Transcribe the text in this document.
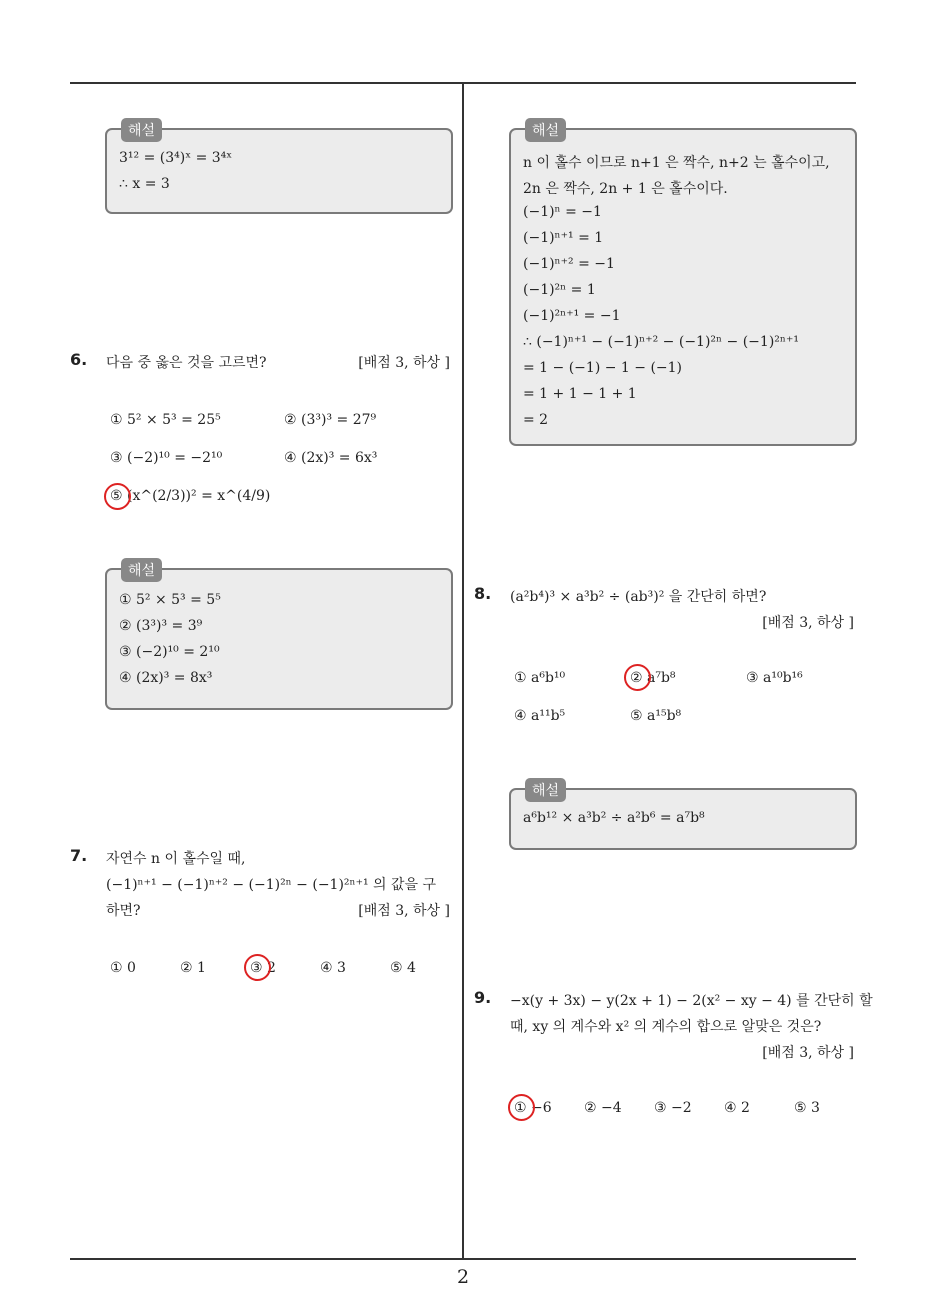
해설
3¹² = (3⁴)ˣ = 3⁴ˣ
∴ x = 3
6. 다음 중 옳은 것을 고르면?	[배점 3, 하상 ]
① 5² × 5³ = 25⁵	② (3³)³ = 27⁹
③ (−2)¹⁰ = −2¹⁰	④ (2x)³ = 6x³
⑤ (x^(2/3))² = x^(4/9)
해설
① 5² × 5³ = 5⁵
② (3³)³ = 3⁹
③ (−2)¹⁰ = 2¹⁰
④ (2x)³ = 8x³
7. 자연수 n 이 홀수일 때,
(−1)ⁿ⁺¹ − (−1)ⁿ⁺² − (−1)²ⁿ − (−1)²ⁿ⁺¹ 의 값을 구
하면?	[배점 3, 하상 ]
① 0	② 1	③ 2	④ 3	⑤ 4
해설
n 이 홀수 이므로 n+1 은 짝수, n+2 는 홀수이고,
2n 은 짝수, 2n + 1 은 홀수이다.
(−1)ⁿ = −1
(−1)ⁿ⁺¹ = 1
(−1)ⁿ⁺² = −1
(−1)²ⁿ = 1
(−1)²ⁿ⁺¹ = −1
∴ (−1)ⁿ⁺¹ − (−1)ⁿ⁺² − (−1)²ⁿ − (−1)²ⁿ⁺¹
= 1 − (−1) − 1 − (−1)
= 1 + 1 − 1 + 1
= 2
8. (a²b⁴)³ × a³b² ÷ (ab³)² 을 간단히 하면?
[배점 3, 하상 ]
① a⁶b¹⁰	② a⁷b⁸	③ a¹⁰b¹⁶
④ a¹¹b⁵	⑤ a¹⁵b⁸
해설
a⁶b¹² × a³b² ÷ a²b⁶ = a⁷b⁸
9. −x(y + 3x) − y(2x + 1) − 2(x² − xy − 4) 를 간단히 할
때, xy 의 계수와 x² 의 계수의 합으로 알맞은 것은?
[배점 3, 하상 ]
① −6 ② −4 ③ −2 ④ 2	⑤ 3
2
